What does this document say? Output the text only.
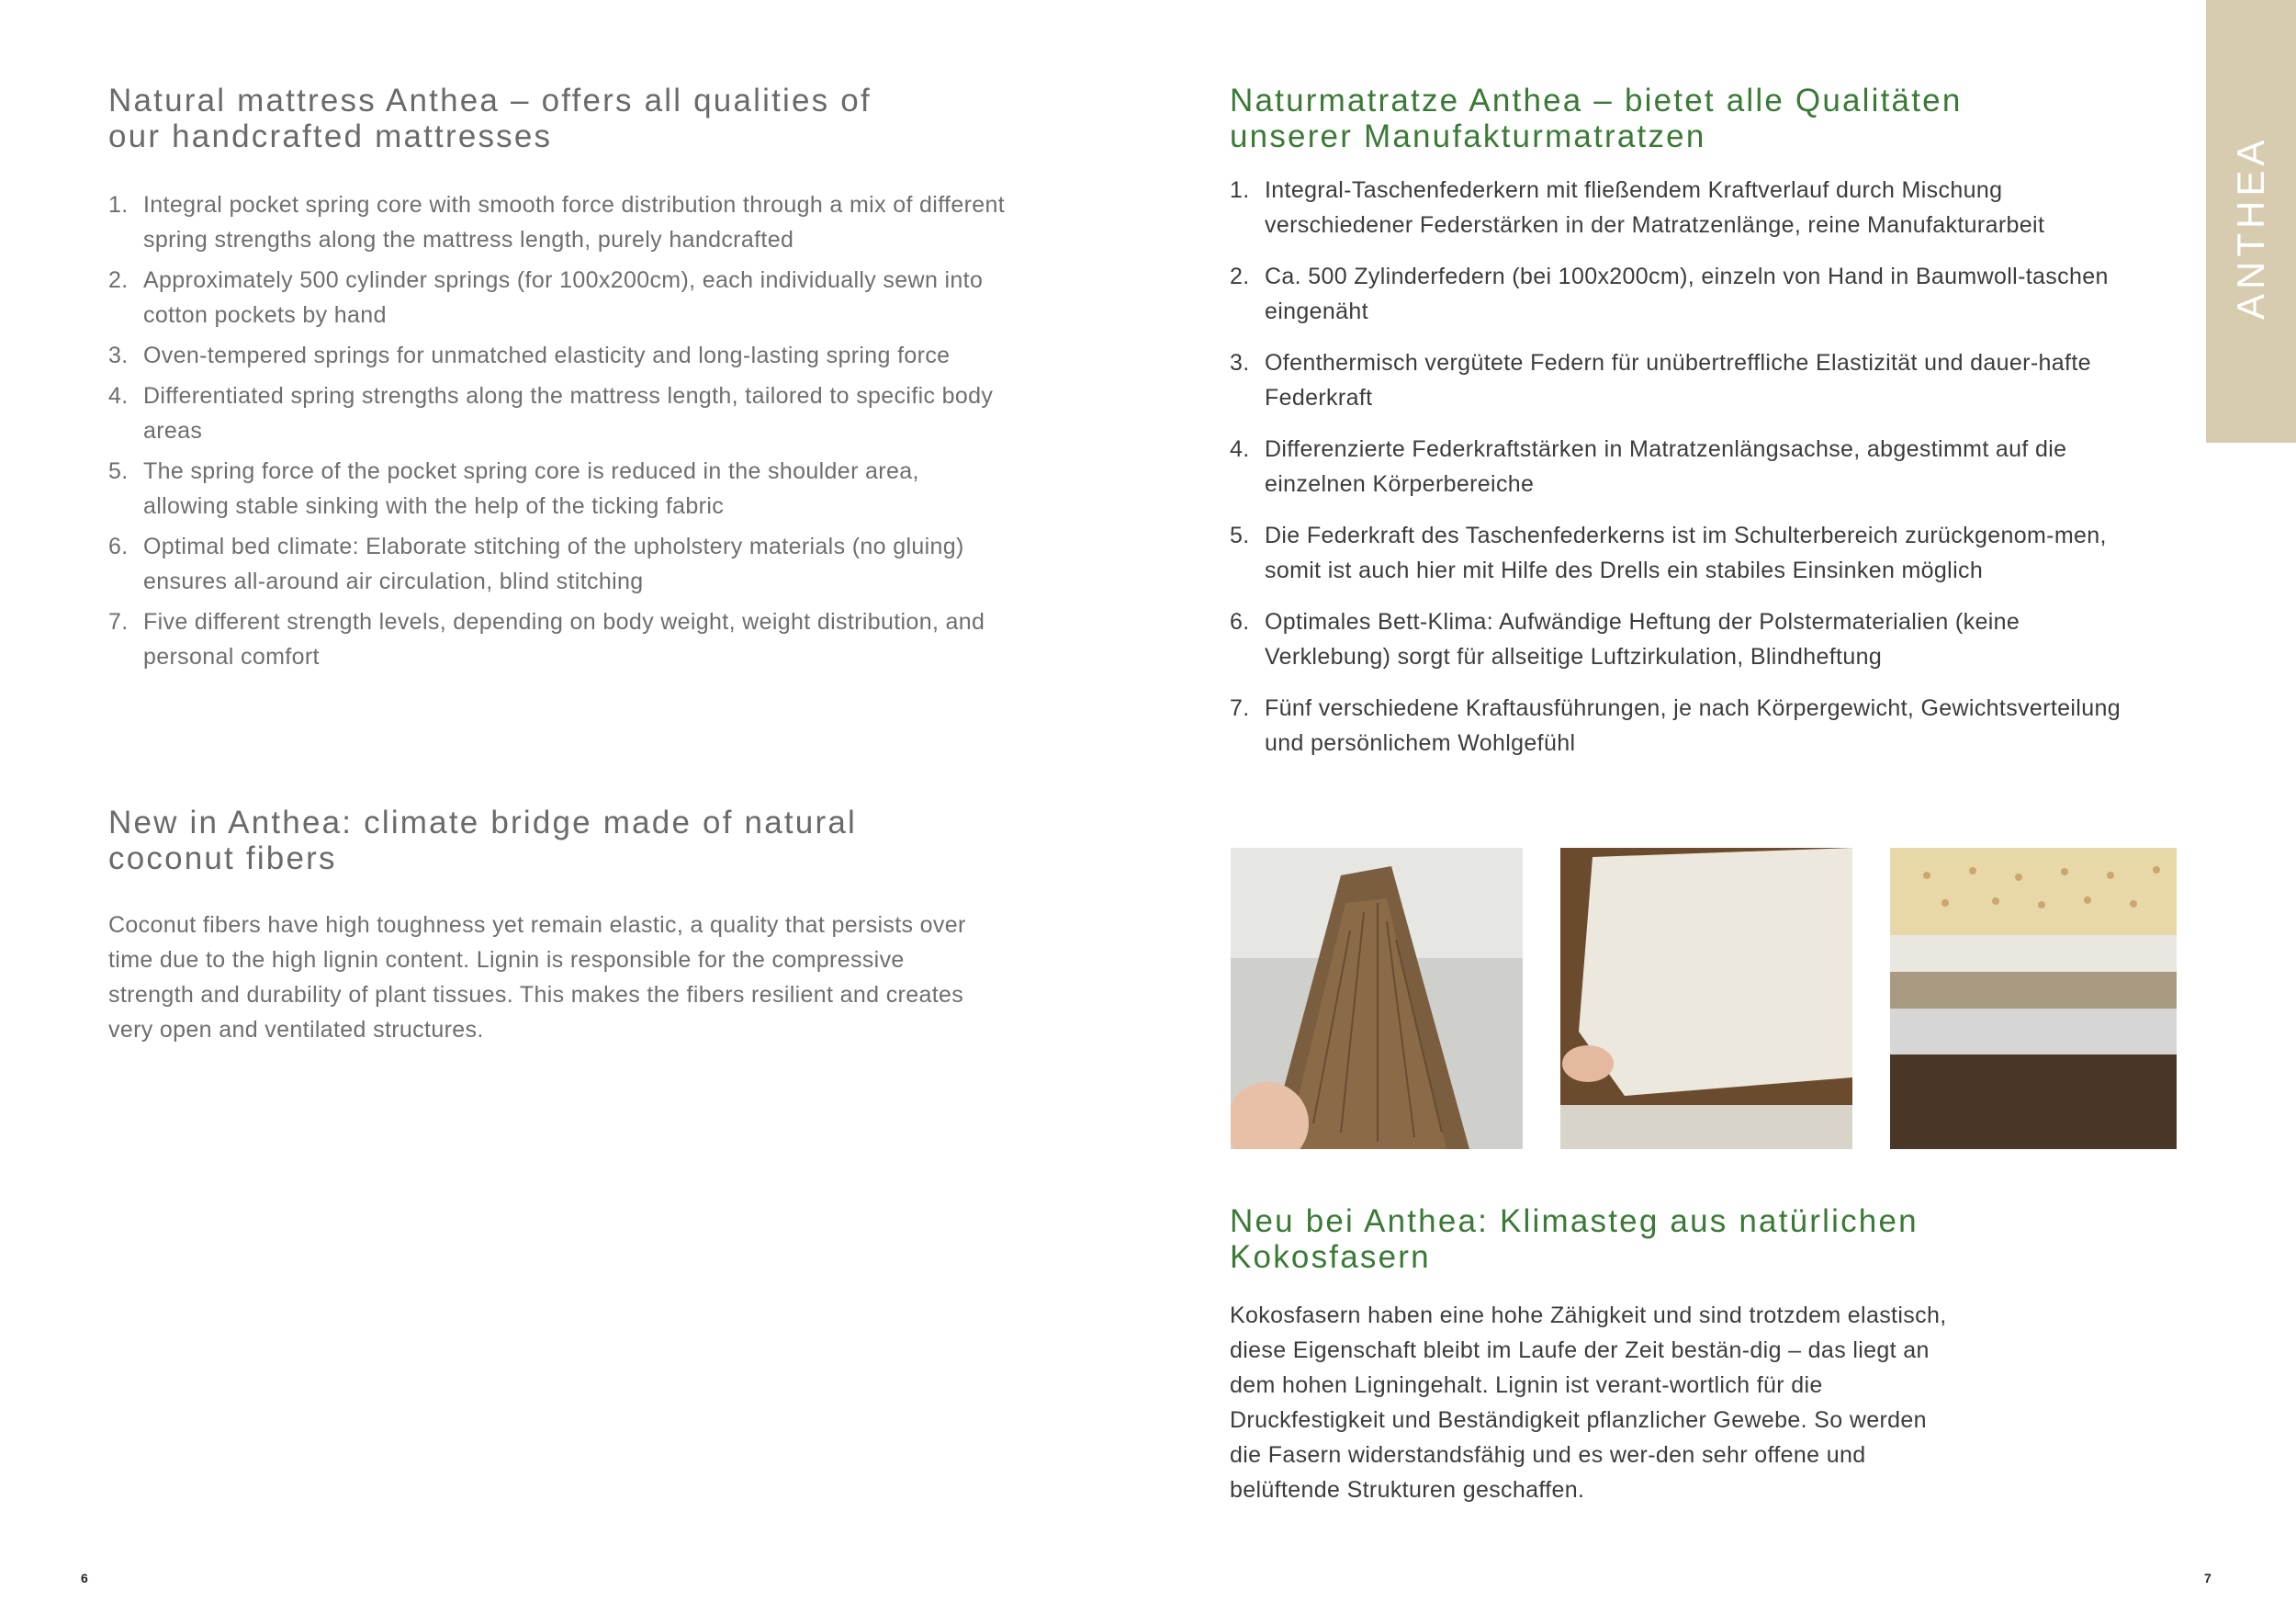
Natural mattress Anthea – offers all qualities of
our handcrafted mattresses
1. Integral pocket spring core with smooth force distribution through a mix of different spring strengths along the mattress length, purely handcrafted
2. Approximately 500 cylinder springs (for 100x200cm), each individually sewn into cotton pockets by hand
3. Oven-tempered springs for unmatched elasticity and long-lasting spring force
4. Differentiated spring strengths along the mattress length, tailored to specific body areas
5. The spring force of the pocket spring core is reduced in the shoulder area, allowing stable sinking with the help of the ticking fabric
6. Optimal bed climate: Elaborate stitching of the upholstery materials (no gluing) ensures all-around air circulation, blind stitching
7. Five different strength levels, depending on body weight, weight distribution, and personal comfort
New in Anthea: climate bridge made of natural
coconut fibers

Coconut fibers have high toughness yet remain elastic, a quality that persists over time due to the high lignin content. Lignin is responsible for the compressive strength and durability of plant tissues. This makes the fibers resilient and creates very open and ventilated structures.

Naturmatratze Anthea – bietet alle Qualitäten
unserer Manufakturmatratzen
1. Integral-Taschenfederkern mit fließendem Kraftverlauf durch Mischung verschiedener Federstärken in der Matratzenlänge, reine Manufakturarbeit
2. Ca. 500 Zylinderfedern (bei 100x200cm), einzeln von Hand in Baumwoll-taschen eingenäht
3. Ofenthermisch vergütete Federn für unübertreffliche Elastizität und dauer-hafte Federkraft
4. Differenzierte Federkraftstärken in Matratzenlängsachse, abgestimmt auf die einzelnen Körperbereiche
5. Die Federkraft des Taschenfederkerns ist im Schulterbereich zurückgenom-men, somit ist auch hier mit Hilfe des Drells ein stabiles Einsinken möglich
6. Optimales Bett-Klima: Aufwändige Heftung der Polstermaterialien (keine Verklebung) sorgt für allseitige Luftzirkulation, Blindheftung
7. Fünf verschiedene Kraftausführungen, je nach Körpergewicht, Gewichtsverteilung und persönlichem Wohlgefühl
Neu bei Anthea: Klimasteg aus natürlichen
Kokosfasern

Kokosfasern haben eine hohe Zähigkeit und sind trotzdem elastisch, diese Eigenschaft bleibt im Laufe der Zeit bestän-dig – das liegt an dem hohen Ligningehalt. Lignin ist verant-wortlich für die Druckfestigkeit und Beständigkeit pflanzlicher Gewebe. So werden die Fasern widerstandsfähig und es wer-den sehr offene und belüftende Strukturen geschaffen.

ANTHEA
6	7
